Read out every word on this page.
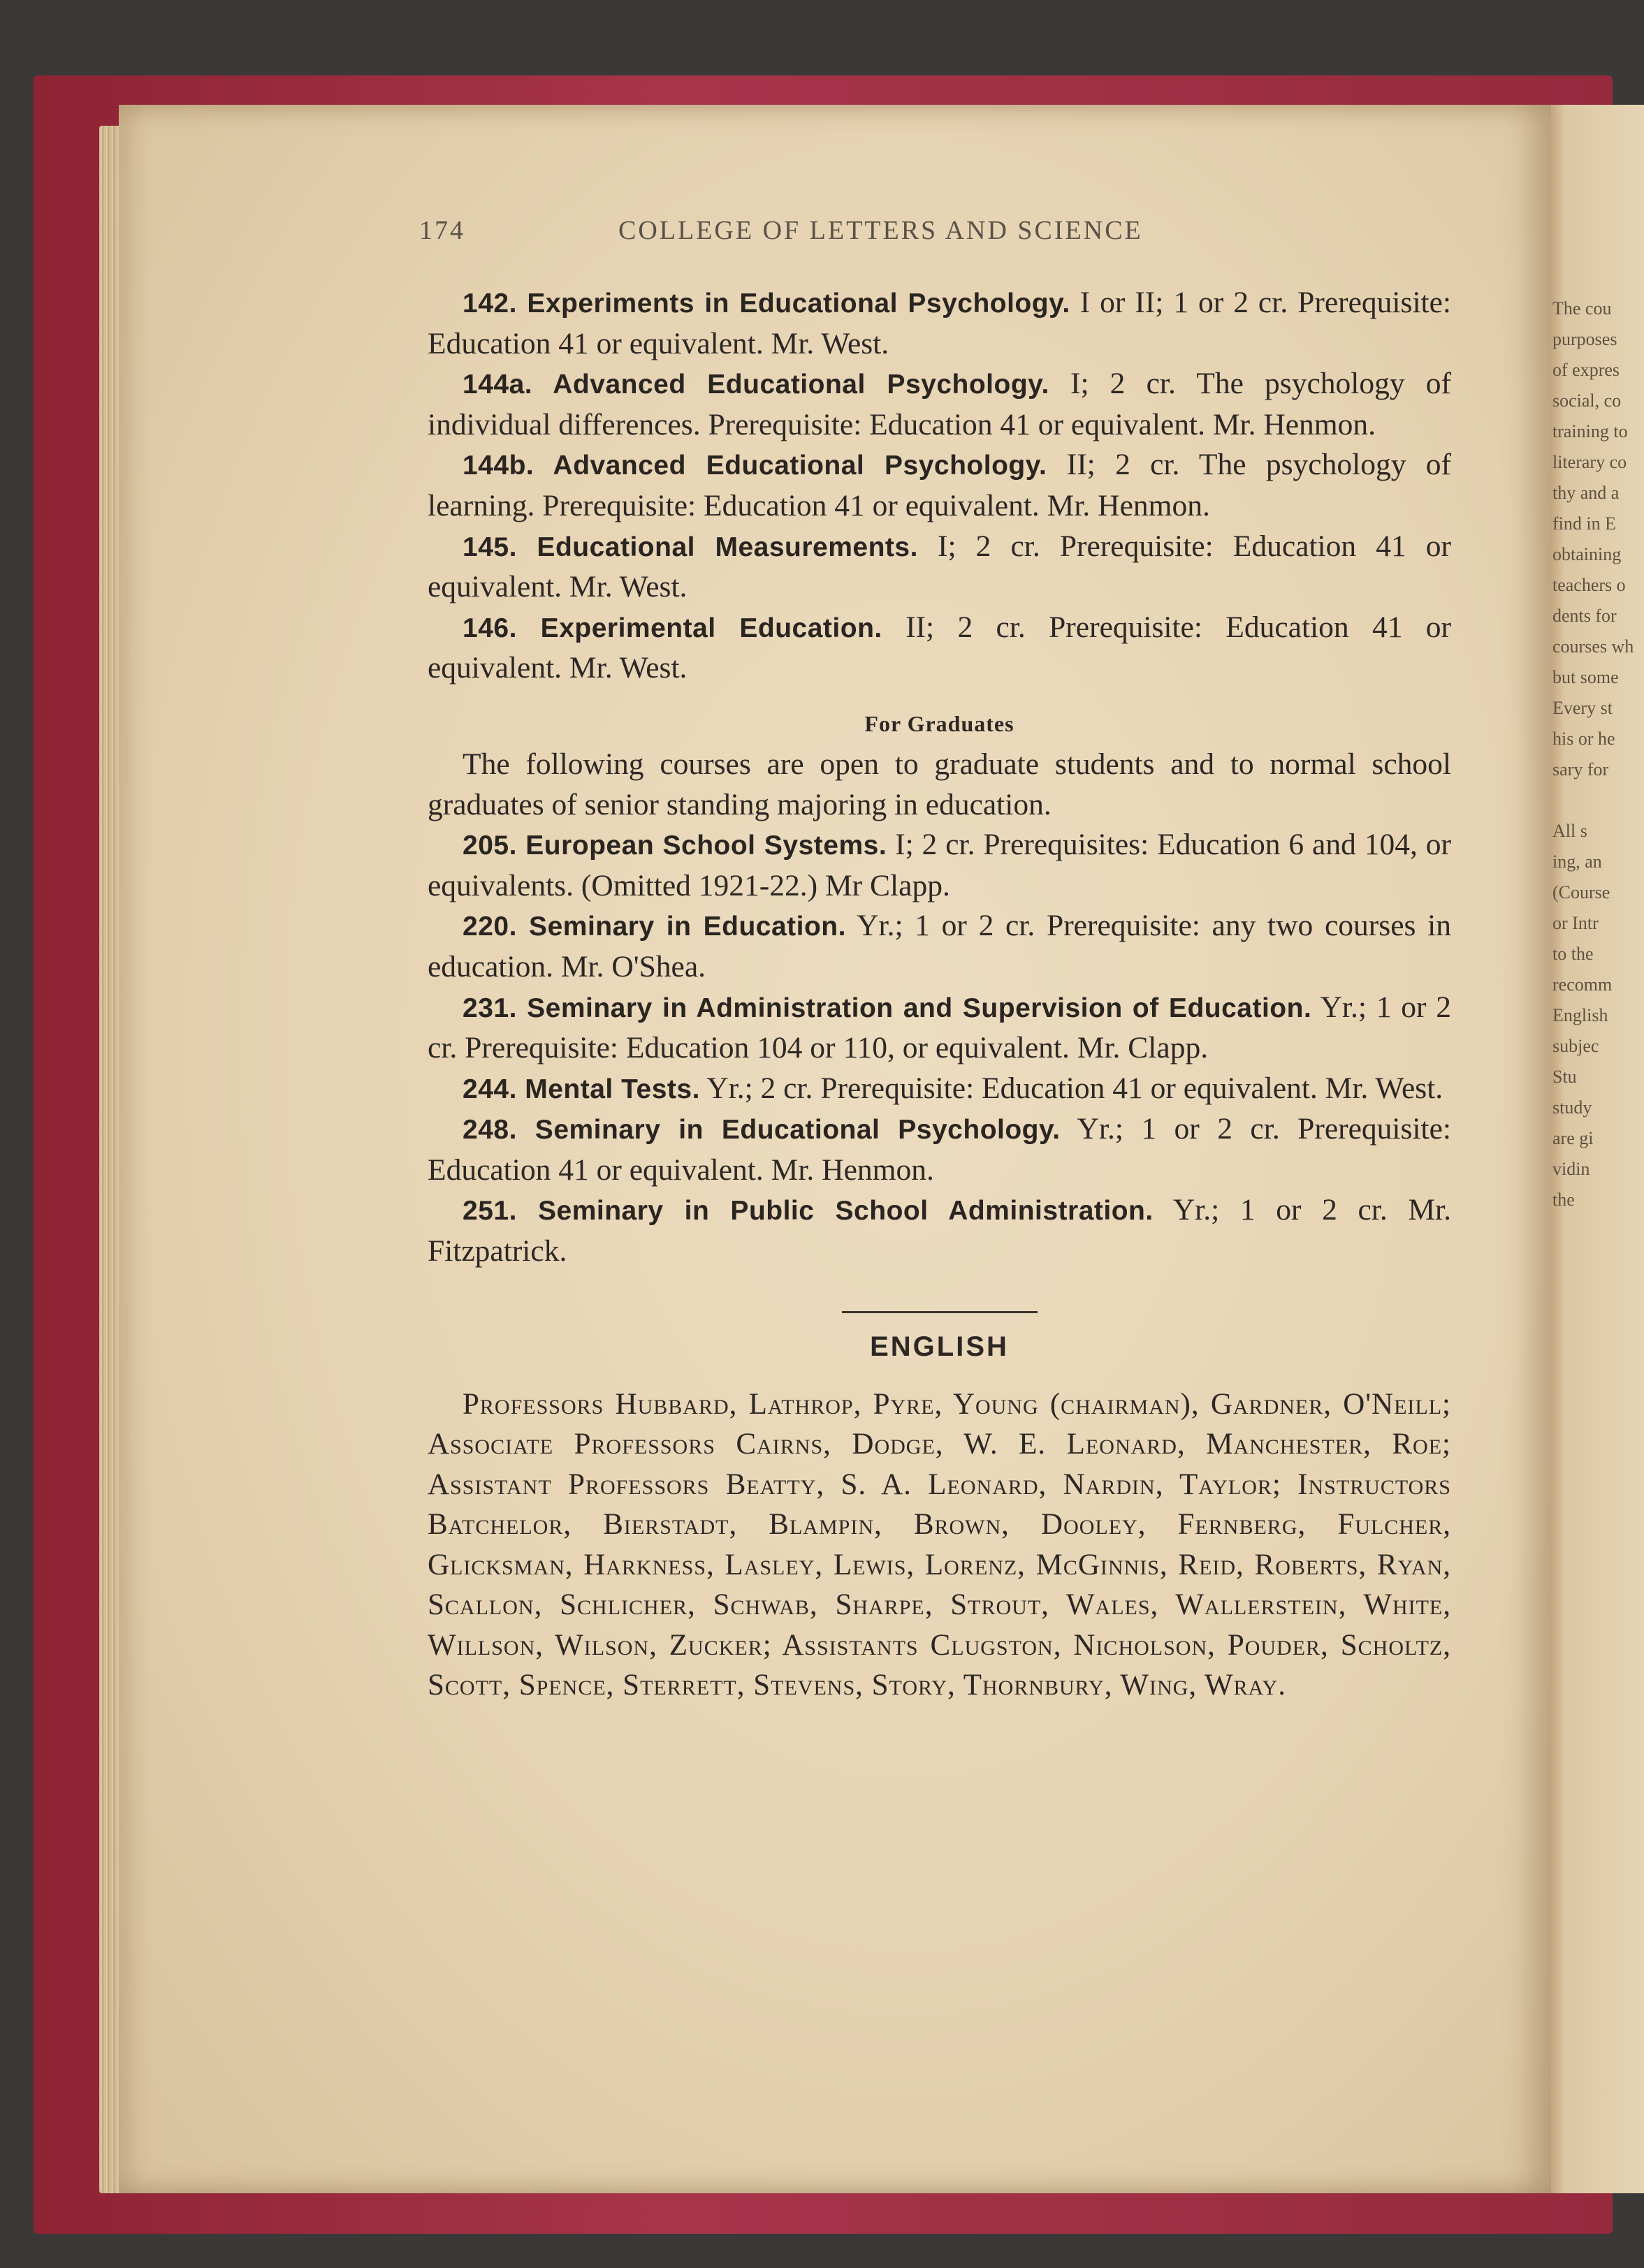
The cou
purposes
of expres
social, co
training to
literary co
thy and a
find in E
obtaining
teachers o
dents for
courses wh
but some
Every st
his or he
sary for

All s
ing, an
(Course
or Intr
to the
recomm
English
subjec
Stu
study
are gi
vidin
the
174	COLLEGE OF LETTERS AND SCIENCE

142. Experiments in Educational Psychology. I or II; 1 or 2 cr. Prerequisite: Education 41 or equivalent. Mr. West.

144a. Advanced Educational Psychology. I; 2 cr. The psychology of individual differences. Prerequisite: Education 41 or equivalent. Mr. Henmon.

144b. Advanced Educational Psychology. II; 2 cr. The psychology of learning. Prerequisite: Education 41 or equivalent. Mr. Henmon.

145. Educational Measurements. I; 2 cr. Prerequisite: Education 41 or equivalent. Mr. West.

146. Experimental Education. II; 2 cr. Prerequisite: Education 41 or equivalent. Mr. West.

For Graduates

The following courses are open to graduate students and to normal school graduates of senior standing majoring in education.

205. European School Systems. I; 2 cr. Prerequisites: Education 6 and 104, or equivalents. (Omitted 1921-22.) Mr Clapp.

220. Seminary in Education. Yr.; 1 or 2 cr. Prerequisite: any two courses in education. Mr. O'Shea.

231. Seminary in Administration and Supervision of Education. Yr.; 1 or 2 cr. Prerequisite: Education 104 or 110, or equivalent. Mr. Clapp.

244. Mental Tests. Yr.; 2 cr. Prerequisite: Education 41 or equivalent. Mr. West.

248. Seminary in Educational Psychology. Yr.; 1 or 2 cr. Prerequisite: Education 41 or equivalent. Mr. Henmon.

251. Seminary in Public School Administration. Yr.; 1 or 2 cr. Mr. Fitzpatrick.

ENGLISH

Professors Hubbard, Lathrop, Pyre, Young (chairman), Gardner, O'Neill; Associate Professors Cairns, Dodge, W. E. Leonard, Manchester, Roe; Assistant Professors Beatty, S. A. Leonard, Nardin, Taylor; Instructors Batchelor, Bierstadt, Blampin, Brown, Dooley, Fernberg, Fulcher, Glicksman, Harkness, Lasley, Lewis, Lorenz, McGinnis, Reid, Roberts, Ryan, Scallon, Schlicher, Schwab, Sharpe, Strout, Wales, Wallerstein, White, Willson, Wilson, Zucker; Assistants Clugston, Nicholson, Pouder, Scholtz, Scott, Spence, Sterrett, Stevens, Story, Thornbury, Wing, Wray.
